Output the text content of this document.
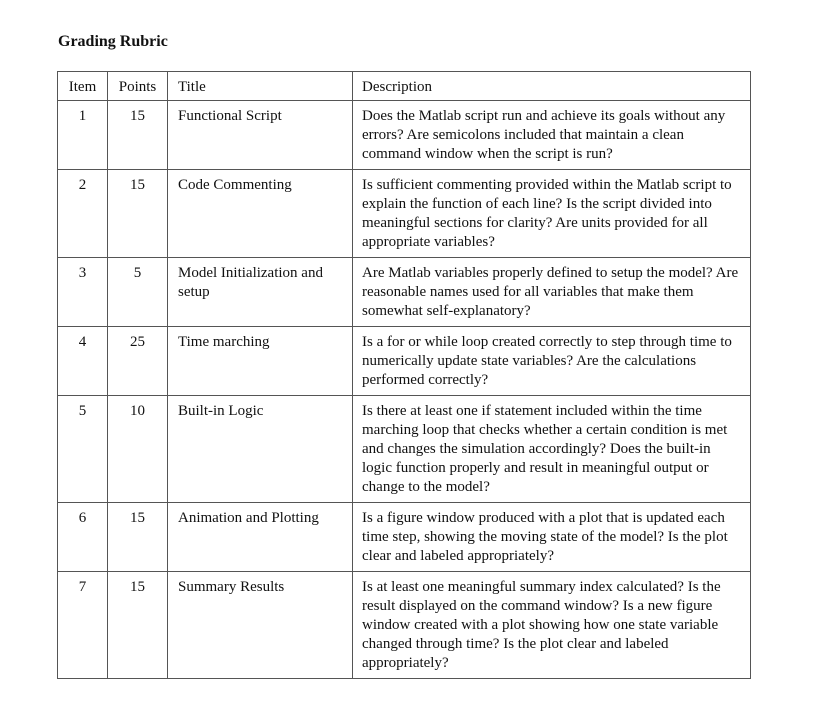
Grading Rubric
Item	Points	Title	Description
1	15	Functional Script	Does the Matlab script run and achieve its goals without any errors? Are semicolons included that maintain a clean command window when the script is run?
2	15	Code Commenting	Is sufficient commenting provided within the Matlab script to explain the function of each line? Is the script divided into meaningful sections for clarity? Are units provided for all appropriate variables?
3	5	Model Initialization and setup	Are Matlab variables properly defined to setup the model? Are reasonable names used for all variables that make them somewhat self-explanatory?
4	25	Time marching	Is a for or while loop created correctly to step through time to numerically update state variables? Are the calculations performed correctly?
5	10	Built-in Logic	Is there at least one if statement included within the time marching loop that checks whether a certain condition is met and changes the simulation accordingly? Does the built-in logic function properly and result in meaningful output or change to the model?
6	15	Animation and Plotting	Is a figure window produced with a plot that is updated each time step, showing the moving state of the model? Is the plot clear and labeled appropriately?
7	15	Summary Results	Is at least one meaningful summary index calculated? Is the result displayed on the command window? Is a new figure window created with a plot showing how one state variable changed through time? Is the plot clear and labeled appropriately?
